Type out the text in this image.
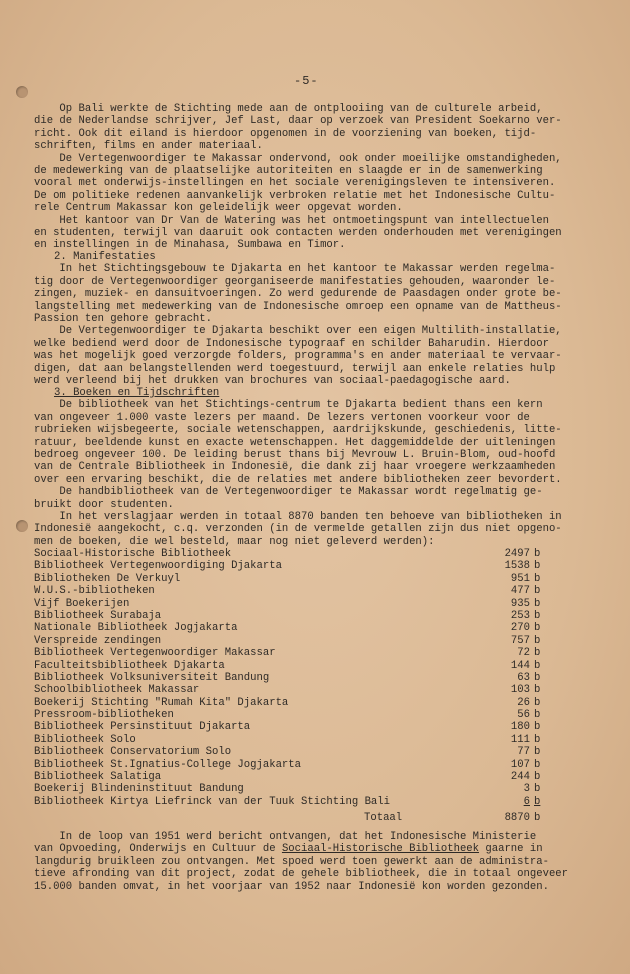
-5-
Op Bali werkte de Stichting mede aan de ontplooiing van de culturele arbeid,
die de Nederlandse schrijver, Jef Last, daar op verzoek van President Soekarno ver-
richt. Ook dit eiland is hierdoor opgenomen in de voorziening van boeken, tijd-
schriften, films en ander materiaal.
De Vertegenwoordiger te Makassar ondervond, ook onder moeilijke omstandigheden,
de medewerking van de plaatselijke autoriteiten en slaagde er in de samenwerking
vooral met onderwijs-instellingen en het sociale verenigingsleven te intensiveren.
De om politieke redenen aanvankelijk verbroken relatie met het Indonesische Cultu-
rele Centrum Makassar kon geleidelijk weer opgevat worden.
Het kantoor van Dr Van de Watering was het ontmoetingspunt van intellectuelen
en studenten, terwijl van daaruit ook contacten werden onderhouden met verenigingen
en instellingen in de Minahasa, Sumbawa en Timor.
2. Manifestaties
In het Stichtingsgebouw te Djakarta en het kantoor te Makassar werden regelma-
tig door de Vertegenwoordiger georganiseerde manifestaties gehouden, waaronder le-
zingen, muziek- en dansuitvoeringen. Zo werd gedurende de Paasdagen onder grote be-
langstelling met medewerking van de Indonesische omroep een opname van de Mattheus-
Passion ten gehore gebracht.
De Vertegenwoordiger te Djakarta beschikt over een eigen Multilith-installatie,
welke bediend werd door de Indonesische typograaf en schilder Baharudin. Hierdoor
was het mogelijk goed verzorgde folders, programma's en ander materiaal te vervaar-
digen, dat aan belangstellenden werd toegestuurd, terwijl aan enkele relaties hulp
werd verleend bij het drukken van brochures van sociaal-paedagogische aard.
3. Boeken en Tijdschriften
De bibliotheek van het Stichtings-centrum te Djakarta bedient thans een kern
van ongeveer 1.000 vaste lezers per maand. De lezers vertonen voorkeur voor de
rubrieken wijsbegeerte, sociale wetenschappen, aardrijkskunde, geschiedenis, litte-
ratuur, beeldende kunst en exacte wetenschappen. Het daggemiddelde der uitleningen
bedroeg ongeveer 100. De leiding berust thans bij Mevrouw L. Bruin-Blom, oud-hoofd
van de Centrale Bibliotheek in Indonesië, die dank zij haar vroegere werkzaamheden
over een ervaring beschikt, die de relaties met andere bibliotheken zeer bevordert.
De handbibliotheek van de Vertegenwoordiger te Makassar wordt regelmatig ge-
bruikt door studenten.
In het verslagjaar werden in totaal 8870 banden ten behoeve van bibliotheken in
Indonesië aangekocht, c.q. verzonden (in de vermelde getallen zijn dus niet opgeno-
men de boeken, die wel besteld, maar nog niet geleverd werden):
Sociaal-Historische Bibliotheek	2497 b
Bibliotheek Vertegenwoordiging Djakarta	1538 b
Bibliotheken De Verkuyl	951 b
W.U.S.-bibliotheken	477 b
Vijf Boekerijen	935 b
Bibliotheek Surabaja	253 b
Nationale Bibliotheek Jogjakarta	270 b
Verspreide zendingen	757 b
Bibliotheek Vertegenwoordiger Makassar	72 b
Faculteitsbibliotheek Djakarta	144 b
Bibliotheek Volksuniversiteit Bandung	63 b
Schoolbibliotheek Makassar	103 b
Boekerij Stichting "Rumah Kita" Djakarta	26 b
Pressroom-bibliotheken	56 b
Bibliotheek Persinstituut Djakarta	180 b
Bibliotheek Solo	111 b
Bibliotheek Conservatorium Solo	77 b
Bibliotheek St.Ignatius-College Jogjakarta	107 b
Bibliotheek Salatiga	244 b
Boekerij Blindeninstituut Bandung	3 b
Bibliotheek Kirtya Liefrinck van der Tuuk Stichting Bali	6 b
Totaal	8870 b
In de loop van 1951 werd bericht ontvangen, dat het Indonesische Ministerie
van Opvoeding, Onderwijs en Cultuur de Sociaal-Historische Bibliotheek gaarne in
langdurig bruikleen zou ontvangen. Met spoed werd toen gewerkt aan de administra-
tieve afronding van dit project, zodat de gehele bibliotheek, die in totaal ongeveer
15.000 banden omvat, in het voorjaar van 1952 naar Indonesië kon worden gezonden.
